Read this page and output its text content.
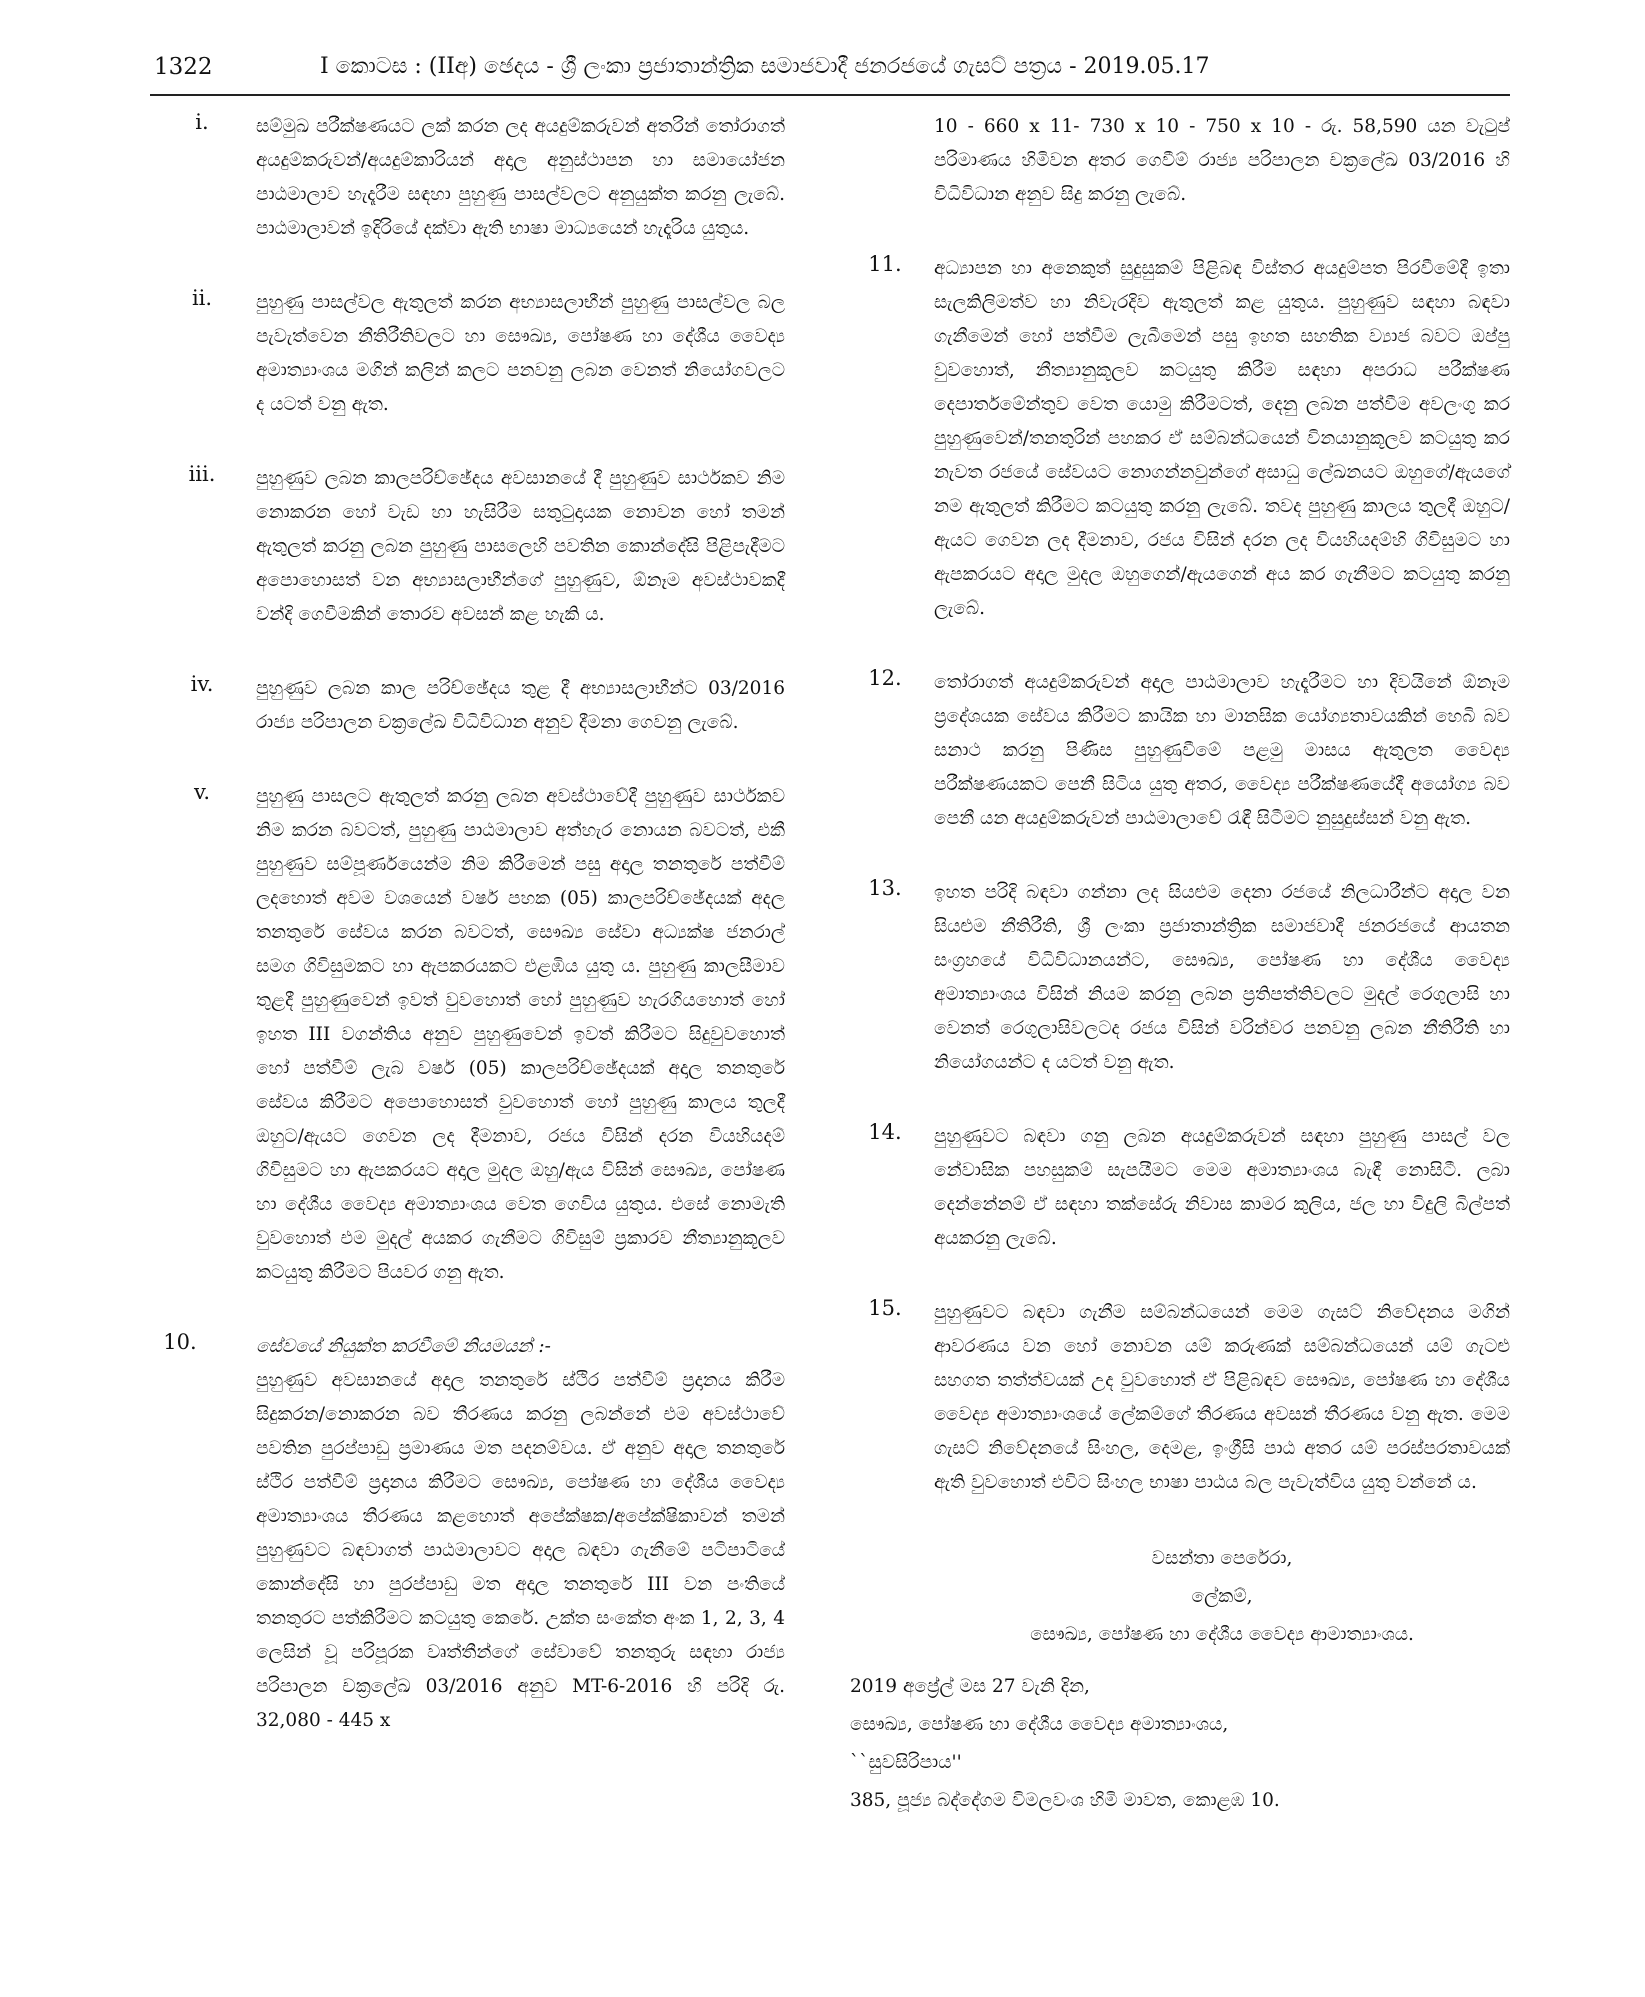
1322	I කොටස : (IIඅ) ඡෙදය - ශ්‍රී ලංකා ප්‍රජාතාන්ත්‍රික සමාජවාදී ජනරජයේ ගැසට් පත්‍රය - 2019.05.17
i.	සම්මුඛ පරීක්ෂණයට ලක් කරන ලද අයදුම්කරුවන් අතරින් තෝරාගත් අයදුම්කරුවන්/අයදුම්කාරියන් අදාල අනුස්ථාපන හා සමායෝජන පාඨමාලාව හැදෑරීම සඳහා පුහුණු පාසල්වලට අනුයුක්ත කරනු ලැබේ. පාඨමාලාවන් ඉදිරියේ දක්වා ඇති භාෂා මාධ්‍යයෙන් හැදෑරිය යුතුය.
ii.	පුහුණු පාසල්වල ඇතුලත් කරන අභ්‍යාසලාභීන් පුහුණු පාසල්වල බල පැවැත්වෙන නීතිරීතිවලට හා සෞඛ්‍ය, පෝෂණ හා දේශීය වෛද්‍ය අමාත්‍යාංශය මගින් කලින් කලට පනවනු ලබන වෙනත් නියෝගවලට ද යටත් වනු ඇත.
iii.	පුහුණුව ලබන කාලපරිච්ඡේදය අවසානයේ දී පුහුණුව සාර්ථකව නිම නොකරන හෝ වැඩ හා හැසිරීම සතුටුදායක නොවන හෝ තමන් ඇතුලත් කරනු ලබන පුහුණු පාසලෙහි පවතින කොන්දේසි පිළිපැදීමට අපොහොසත් වන අභ්‍යාසලාභීන්ගේ පුහුණුව, ඕනෑම අවස්ථාවකදී වන්දි ගෙවීමකින් තොරව අවසන් කළ හැකි ය.
iv.	පුහුණුව ලබන කාල පරිච්ඡේදය තුළ දී අභ්‍යාසලාභීන්ට 03/2016 රාජ්‍ය පරිපාලන චක්‍රලේඛ විධිවිධාන අනුව දීමනා ගෙවනු ලැබේ.
v.	පුහුණු පාසලට ඇතුලත් කරනු ලබන අවස්ථාවේදී පුහුණුව සාර්ථකව නිම කරන බවටත්, පුහුණු පාඨමාලාව අත්හැර නොයන බවටත්, එකී පුහුණුව සම්පූර්ණයෙන්ම නිම කිරීමෙන් පසු අදාල තනතුරේ පත්වීම් ලදහොත් අවම වශයෙන් වර්ෂ පහක (05) කාලපරිච්ඡේදයක් අදල තනතුරේ සේවය කරන බවටත්, සෞඛ්‍ය සේවා අධ්‍යක්ෂ ජනරාල් සමග ගිවිසුමකට හා ඇපකරයකට එළඹිය යුතු ය. පුහුණු කාලසීමාව තුළදී පුහුණුවෙන් ඉවත් වුවහොත් හෝ පුහුණුව හැරගියහොත් හෝ ඉහත III වගන්තිය අනුව පුහුණුවෙන් ඉවත් කිරීමට සිදුවුවහොත් හෝ පත්වීම් ලැබ වර්ෂ (05) කාලපරිච්ඡේදයක් අදාල තනතුරේ සේවය කිරීමට අපොහොසත් වුවහොත් හෝ පුහුණු කාලය තුලදී ඔහුට/ඇයට ගෙවන ලද දීමනාව, රජය විසින් දරන වියහියදම් ගිවිසුමට හා ඇපකරයට අදාල මුදල ඔහු/ඇය විසින් සෞඛ්‍ය, පෝෂණ හා දේශීය වෛද්‍ය අමාත්‍යාංශය වෙත ගෙවිය යුතුය. එසේ නොමැති වුවහොත් එම මුදල් අයකර ගැනීමට ගිවිසුම් ප්‍රකාරව නීත්‍යානුකූලව කටයුතු කිරීමට පියවර ගනු ඇත.
10.	සේවයේ නියුක්ත කරවීමේ නියමයන් :-
පුහුණුව අවසානයේ අදාල තනතුරේ ස්ථිර පත්වීම් ප්‍රදානය කිරීම සිදුකරන/නොකරන බව තීරණය කරනු ලබන්නේ එම අවස්ථාවේ පවතින පුරප්පාඩු ප්‍රමාණය මත පදනම්වය. ඒ අනුව අදාල තනතුරේ ස්ථිර පත්වීම් ප්‍රදානය කිරීමට සෞඛ්‍ය, පෝෂණ හා දේශීය වෛද්‍ය අමාත්‍යාංශය තීරණය කළහොත් අපේක්ෂක/අපේක්ෂිකාවන් තමන් පුහුණුවට බඳවාගත් පාඨමාලාවට අදාල බඳවා ගැනීමේ පටිපාටියේ කොන්දේසි හා පුරප්පාඩු මත අදාල තනතුරේ III වන පංතියේ තනතුරට පත්කිරීමට කටයුතු කෙරේ. උක්ත සංකේත අංක 1, 2, 3, 4 ලෙසින් වූ පරිපූරක වෘත්තීන්ගේ සේවාවේ තනතුරු සඳහා රාජ්‍ය පරිපාලන චක්‍රලේඛ 03/2016 අනුව MT-6-2016 හි පරිදි රු. 32,080 - 445 x
10 - 660 x 11- 730 x 10 - 750 x 10 - රු. 58,590 යන වැටුප් පරිමාණය හිමිවන අතර ගෙවීම් රාජ්‍ය පරිපාලන චක්‍රලේඛ 03/2016 හි විධිවිධාන අනුව සිදු කරනු ලැබේ.
11.	අධ්‍යාපන හා අනෙකුත් සුදුසුකම් පිළිබඳ විස්තර අයදුම්පත පිරවීමේදී ඉතා සැලකිලිමත්ව හා නිවැරදිව ඇතුලත් කළ යුතුය. පුහුණුව සඳහා බඳවා ගැනීමෙන් හෝ පත්වීම ලැබීමෙන් පසු ඉහත සහතික ව්‍යාජ බවට ඔප්පු වුවහොත්, නීත්‍යානුකූලව කටයුතු කිරීම සඳහා අපරාධ පරීක්ෂණ දෙපාර්තමේන්තුව වෙත යොමු කිරීමටත්, දෙනු ලබන පත්වීම අවලංගු කර පුහුණුවෙන්/තනතුරින් පහකර ඒ සම්බන්ධයෙන් විනයානුකූලව කටයුතු කර නැවත රජයේ සේවයට නොගන්නවුන්ගේ අසාධු ලේඛනයට ඔහුගේ/ඇයගේ නම ඇතුලත් කිරීමට කටයුතු කරනු ලැබේ. තවද පුහුණු කාලය තුලදී ඔහුට/ඇයට ගෙවන ලද දීමනාව, රජය විසින් දරන ලද වියහියදම්හි ගිවිසුමට හා ඇපකරයට අදාල මුදල ඔහුගෙන්/ඇයගෙන් අය කර ගැනීමට කටයුතු කරනු ලැබේ.
12.	තෝරාගත් අයදුම්කරුවන් අදාල පාඨමාලාව හැදෑරීමට හා දිවයිනේ ඕනෑම ප්‍රදේශයක සේවය කිරීමට කායික හා මානසික යෝග්‍යතාවයකින් හෙබි බව සනාථ කරනු පිණිස පුහුණුවීමේ පළමු මාසය ඇතුලත වෛද්‍ය පරීක්ෂණයකට පෙනී සිටිය යුතු අතර, වෛද්‍ය පරීක්ෂණයේදී අයෝග්‍ය බව පෙනී යන අයදුම්කරුවන් පාඨමාලාවේ රැඳී සිටීමට නුසුදුස්සන් වනු ඇත.
13.	ඉහත පරිදි බඳවා ගන්නා ලද සියළුම දෙනා රජයේ නිලධාරීන්ට අදාල වන සියළුම නීතිරීති, ශ්‍රී ලංකා ප්‍රජාතාන්ත්‍රික සමාජවාදී ජනරජයේ ආයතන සංග්‍රහයේ විධිවිධානයන්ට, සෞඛ්‍ය, පෝෂණ හා දේශීය වෛද්‍ය අමාත්‍යාංශය විසින් නියම කරනු ලබන ප්‍රතිපත්තිවලට මුදල් රෙගුලාසි හා වෙනත් රෙගුලාසිවලටද රජය විසින් වරින්වර පනවනු ලබන නීතිරීති හා නියෝගයන්ට ද යටත් වනු ඇත.
14.	පුහුණුවට බඳවා ගනු ලබන අයදුම්කරුවන් සඳහා පුහුණු පාසල් වල නේවාසික පහසුකම් සැපයීමට මෙම අමාත්‍යාංශය බැඳී නොසිටී. ලබා දෙන්නේනම් ඒ සඳහා තක්සේරු නිවාස කාමර කුලිය, ජල හා විදුලි බිල්පත් අයකරනු ලැබේ.
15.	පුහුණුවට බඳවා ගැනීම සම්බන්ධයෙන් මෙම ගැසට් නිවේදනය මගින් ආවරණය වන හෝ නොවන යම් කරුණක් සම්බන්ධයෙන් යම් ගැටළු සහගත තත්ත්වයක් උද වුවහොත් ඒ පිළිබඳව සෞඛ්‍ය, පෝෂණ හා දේශීය වෛද්‍ය අමාත්‍යාංශයේ ලේකම්ගේ තීරණය අවසන් තීරණය වනු ඇත. මෙම ගැසට් නිවේදනයේ සිංහල, දෙමළ, ඉංග්‍රීසි පාඨ අතර යම් පරස්පරතාවයක් ඇති වුවහොත් එවිට සිංහල භාෂා පාඨය බල පැවැත්විය යුතු වන්නේ ය.
වසන්තා පෙරේරා,
ලේකම්,
සෞඛ්‍ය, පෝෂණ හා දේශීය වෛද්‍ය ආමාත්‍යාංශය.
2019 අප්‍රේල් මස 27 වැනි දින,
සෞඛ්‍ය, පෝෂණ හා දේශීය වෛද්‍ය අමාත්‍යාංශය,
``සුවසිරිපාය''
385, පූජ්‍ය බද්දේගම විමලවංශ හිමි මාවත, කොළඹ 10.
